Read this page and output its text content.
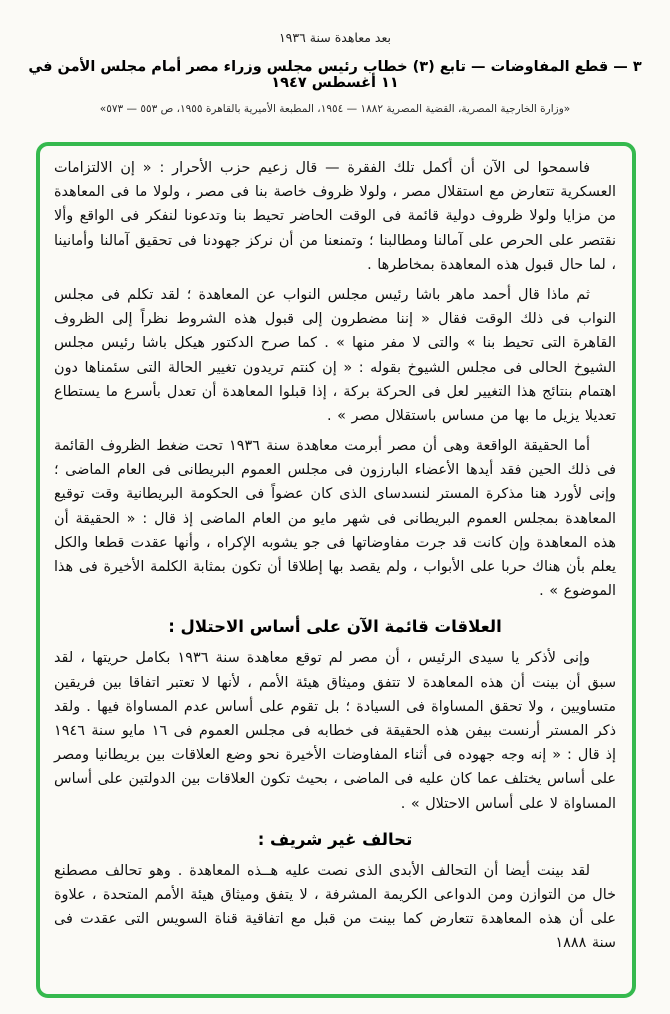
بعد معاهدة سنة ١٩٣٦
٣ — قطع المفاوضات — تابع (٣) خطاب رئيس مجلس وزراء مصر أمام مجلس الأمن في ١١ أغسطس ١٩٤٧
«وزارة الخارجية المصرية، القضية المصرية ١٨٨٢ — ١٩٥٤، المطبعة الأميرية بالقاهرة ١٩٥٥، ص ٥٥٣ — ٥٧٣»

فاسمحوا لى الآن أن أكمل تلك الفقرة — قال زعيم حزب الأحرار : « إن الالتزامات العسكرية تتعارض مع استقلال مصر ، ولولا ظروف خاصة بنا فى مصر ، ولولا ما فى المعاهدة من مزايا ولولا ظروف دولية قائمة فى الوقت الحاضر تحيط بنا وتدعونا لنفكر فى الواقع وألا نقتصر على الحرص على آمالنا ومطالبنا ؛ وتمنعنا من أن نركز جهودنا فى تحقيق آمالنا وأمانينا ، لما حال قبول هذه المعاهدة بمخاطرها .

ثم ماذا قال أحمد ماهر باشا رئيس مجلس النواب عن المعاهدة ؛ لقد تكلم فى مجلس النواب فى ذلك الوقت فقال « إننا مضطرون إلى قبول هذه الشروط نظراً إلى الظروف القاهرة التى تحيط بنا » والتى لا مفر منها » . كما صرح الدكتور هيكل باشا رئيس مجلس الشيوخ الحالى فى مجلس الشيوخ بقوله : « إن كنتم تريدون تغيير الحالة التى سئمناها دون اهتمام بنتائج هذا التغيير لعل فى الحركة بركة ، إذا قبلوا المعاهدة أن تعدل بأسرع ما يستطاع تعديلا يزيل ما بها من مساس باستقلال مصر » .

أما الحقيقة الواقعة وهى أن مصر أبرمت معاهدة سنة ١٩٣٦ تحت ضغط الظروف القائمة فى ذلك الحين فقد أيدها الأعضاء البارزون فى مجلس العموم البريطانى فى العام الماضى ؛ وإنى لأورد هنا مذكرة المستر لنسدساى الذى كان عضواً فى الحكومة البريطانية وقت توقيع المعاهدة بمجلس العموم البريطانى فى شهر مايو من العام الماضى إذ قال : « الحقيقة أن هذه المعاهدة وإن كانت قد جرت مفاوضاتها فى جو يشوبه الإكراه ، وأنها عقدت قطعا والكل يعلم بأن هناك حربا على الأبواب ، ولم يقصد بها إطلاقا أن تكون بمثابة الكلمة الأخيرة فى هذا الموضوع » .

العلاقات قائمة الآن على أساس الاحتلال :

وإنى لأذكر يا سيدى الرئيس ، أن مصر لم توقع معاهدة سنة ١٩٣٦ بكامل حريتها ، لقد سبق أن بينت أن هذه المعاهدة لا تتفق وميثاق هيئة الأمم ، لأنها لا تعتبر اتفاقا بين فريقين متساويين ، ولا تحقق المساواة فى السيادة ؛ بل تقوم على أساس عدم المساواة فيها . ولقد ذكر المستر أرنست بيفن هذه الحقيقة فى خطابه فى مجلس العموم فى ١٦ مايو سنة ١٩٤٦ إذ قال : « إنه وجه جهوده فى أثناء المفاوضات الأخيرة نحو وضع العلاقات بين بريطانيا ومصر على أساس يختلف عما كان عليه فى الماضى ، بحيث تكون العلاقات بين الدولتين على أساس المساواة لا على أساس الاحتلال » .

تحالف غير شريف :

لقد بينت أيضا أن التحالف الأبدى الذى نصت عليه هــذه المعاهدة . وهو تحالف مصطنع خال من التوازن ومن الدواعى الكريمة المشرفة ، لا يتفق وميثاق هيئة الأمم المتحدة ، علاوة على أن هذه المعاهدة تتعارض كما بينت من قبل مع اتفاقية قناة السويس التى عقدت فى سنة ١٨٨٨
